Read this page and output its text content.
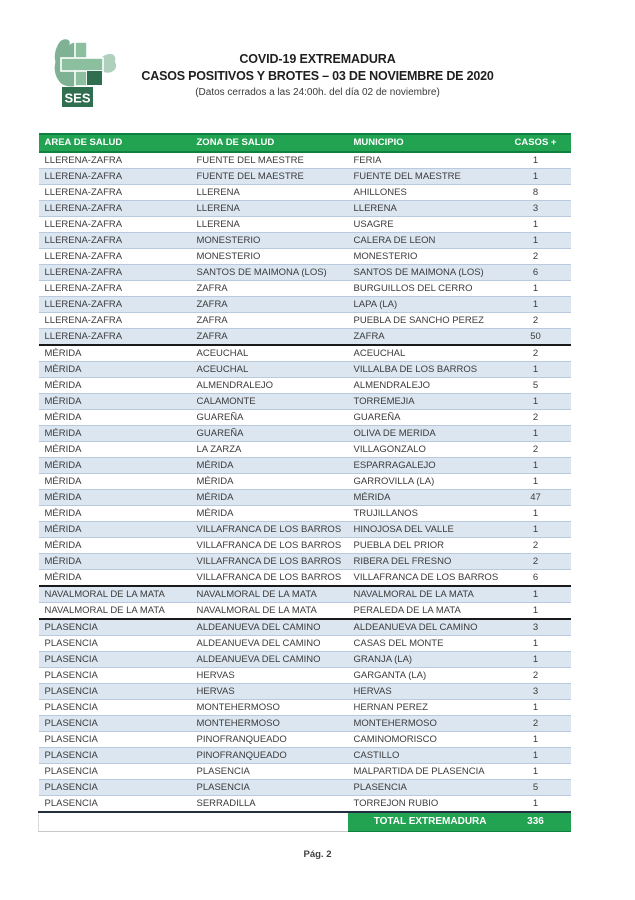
SES
COVID-19 EXTREMADURA
CASOS POSITIVOS Y BROTES – 03 DE NOVIEMBRE DE 2020
(Datos cerrados a las 24:00h. del día 02 de noviembre)
AREA DE SALUD	ZONA DE SALUD	MUNICIPIO	CASOS +
LLERENA-ZAFRA	FUENTE DEL MAESTRE	FERIA	1
LLERENA-ZAFRA	FUENTE DEL MAESTRE	FUENTE DEL MAESTRE	1
LLERENA-ZAFRA	LLERENA	AHILLONES	8
LLERENA-ZAFRA	LLERENA	LLERENA	3
LLERENA-ZAFRA	LLERENA	USAGRE	1
LLERENA-ZAFRA	MONESTERIO	CALERA DE LEON	1
LLERENA-ZAFRA	MONESTERIO	MONESTERIO	2
LLERENA-ZAFRA	SANTOS DE MAIMONA (LOS)	SANTOS DE MAIMONA (LOS)	6
LLERENA-ZAFRA	ZAFRA	BURGUILLOS DEL CERRO	1
LLERENA-ZAFRA	ZAFRA	LAPA (LA)	1
LLERENA-ZAFRA	ZAFRA	PUEBLA DE SANCHO PEREZ	2
LLERENA-ZAFRA	ZAFRA	ZAFRA	50
MÉRIDA	ACEUCHAL	ACEUCHAL	2
MÈRIDA	ACEUCHAL	VILLALBA DE LOS BARROS	1
MÉRIDA	ALMENDRALEJO	ALMENDRALEJO	5
MÉRIDA	CALAMONTE	TORREMEJIA	1
MÉRIDA	GUAREÑA	GUAREÑA	2
MÉRIDA	GUAREÑA	OLIVA DE MERIDA	1
MÉRIDA	LA ZARZA	VILLAGONZALO	2
MÉRIDA	MÉRIDA	ESPARRAGALEJO	1
MÉRIDA	MÉRIDA	GARROVILLA (LA)	1
MÉRIDA	MÉRIDA	MÉRIDA	47
MÉRIDA	MÉRIDA	TRUJILLANOS	1
MÉRIDA	VILLAFRANCA DE LOS BARROS	HINOJOSA DEL VALLE	1
MÉRIDA	VILLAFRANCA DE LOS BARROS	PUEBLA DEL PRIOR	2
MÉRIDA	VILLAFRANCA DE LOS BARROS	RIBERA DEL FRESNO	2
MÉRIDA	VILLAFRANCA DE LOS BARROS	VILLAFRANCA DE LOS BARROS	6
NAVALMORAL DE LA MATA	NAVALMORAL DE LA MATA	NAVALMORAL DE LA MATA	1
NAVALMORAL DE LA MATA	NAVALMORAL DE LA MATA	PERALEDA DE LA MATA	1
PLASENCIA	ALDEANUEVA DEL CAMINO	ALDEANUEVA DEL CAMINO	3
PLASENCIA	ALDEANUEVA DEL CAMINO	CASAS DEL MONTE	1
PLASENCIA	ALDEANUEVA DEL CAMINO	GRANJA (LA)	1
PLASENCIA	HERVAS	GARGANTA (LA)	2
PLASENCIA	HERVAS	HERVAS	3
PLASENCIA	MONTEHERMOSO	HERNAN PEREZ	1
PLASENCIA	MONTEHERMOSO	MONTEHERMOSO	2
PLASENCIA	PINOFRANQUEADO	CAMINOMORISCO	1
PLASENCIA	PINOFRANQUEADO	CASTILLO	1
PLASENCIA	PLASENCIA	MALPARTIDA DE PLASENCIA	1
PLASENCIA	PLASENCIA	PLASENCIA	5
PLASENCIA	SERRADILLA	TORREJON RUBIO	1
		TOTAL EXTREMADURA	336
Pág. 2
